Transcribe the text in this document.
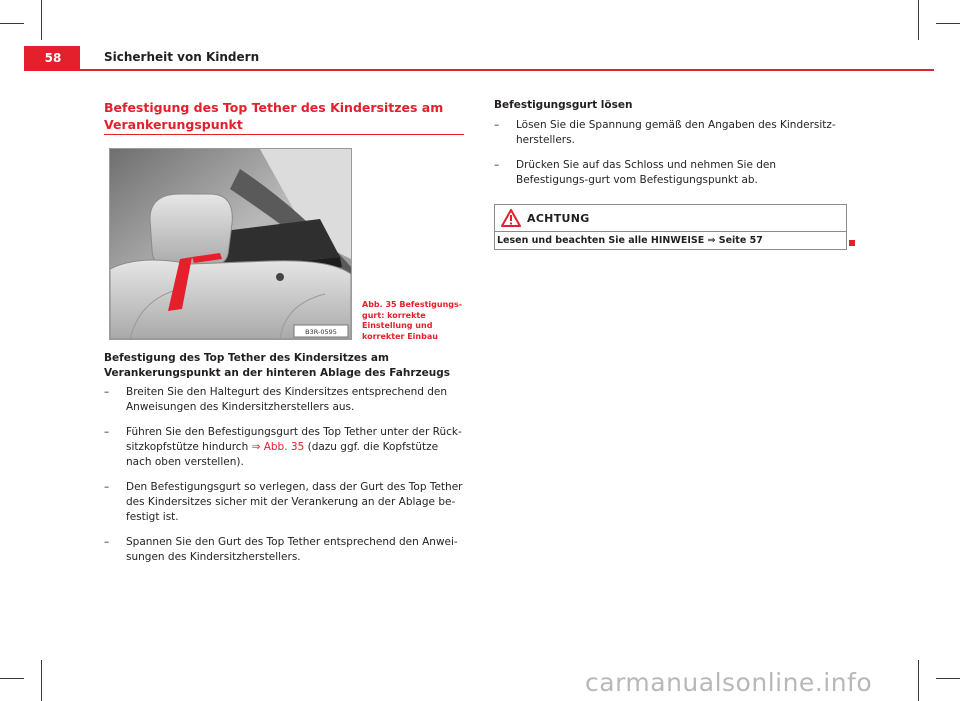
58	Sicherheit von Kindern
Befestigung des Top Tether des Kindersitzes am Verankerungspunkt
B3R-0595
Abb. 35 Befestigungs-gurt: korrekte Einstellung und korrekter Einbau
Befestigung des Top Tether des Kindersitzes am Verankerungspunkt an der hinteren Ablage des Fahrzeugs
– Breiten Sie den Haltegurt des Kindersitzes entsprechend den Anweisungen des Kindersitzherstellers aus.
– Führen Sie den Befestigungsgurt des Top Tether unter der Rück-sitzkopfstütze hindurch ⇒ Abb. 35 (dazu ggf. die Kopfstütze nach oben verstellen).
– Den Befestigungsgurt so verlegen, dass der Gurt des Top Tether des Kindersitzes sicher mit der Verankerung an der Ablage be-festigt ist.
– Spannen Sie den Gurt des Top Tether entsprechend den Anwei-sungen des Kindersitzherstellers.
Befestigungsgurt lösen
– Lösen Sie die Spannung gemäß den Angaben des Kindersitz-herstellers.
– Drücken Sie auf das Schloss und nehmen Sie den Befestigungs-gurt vom Befestigungspunkt ab.
ACHTUNG
Lesen und beachten Sie alle HINWEISE ⇒ Seite 57
carmanualsonline.info
